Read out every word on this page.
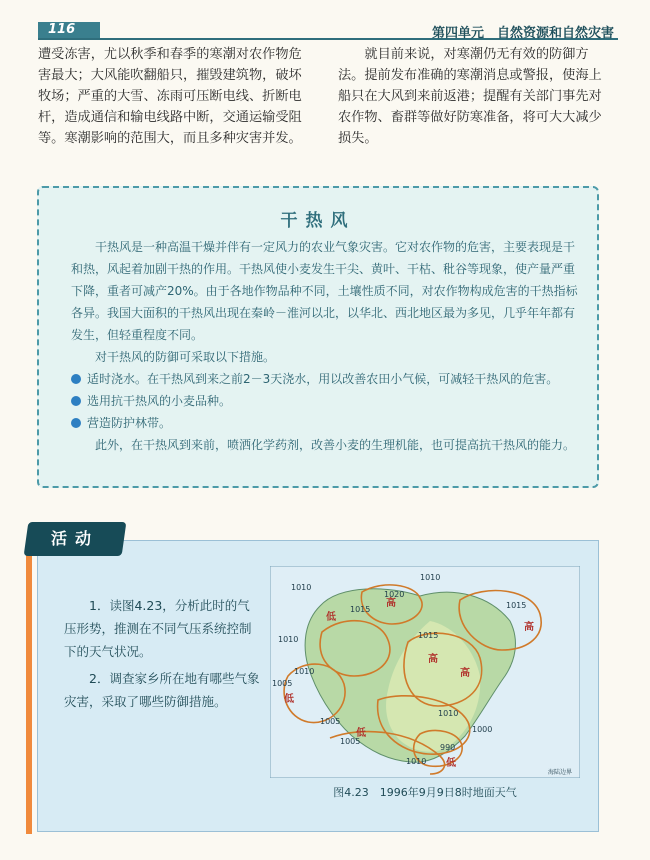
116	第四单元　自然资源和自然灾害
遭受冻害，尤以秋季和春季的寒潮对农作物危害最大；大风能吹翻船只，摧毁建筑物，破坏牧场；严重的大雪、冻雨可压断电线、折断电杆，造成通信和输电线路中断，交通运输受阻等。寒潮影响的范围大，而且多种灾害并发。
就目前来说，对寒潮仍无有效的防御方法。提前发布准确的寒潮消息或警报，使海上船只在大风到来前返港；提醒有关部门事先对农作物、畜群等做好防寒准备，将可大大减少损失。
干热风

干热风是一种高温干燥并伴有一定风力的农业气象灾害。它对农作物的危害，主要表现是干和热，风起着加剧干热的作用。干热风使小麦发生干尖、黄叶、干枯、秕谷等现象，使产量严重下降，重者可减产20%。由于各地作物品种不同，土壤性质不同，对农作物构成危害的干热指标各异。我国大面积的干热风出现在秦岭－淮河以北，以华北、西北地区最为多见，几乎年年都有发生，但轻重程度不同。

对干热风的防御可采取以下措施。

适时浇水。在干热风到来之前2－3天浇水，用以改善农田小气候，可减轻干热风的危害。

选用抗干热风的小麦品种。

营造防护林带。

此外，在干热风到来前，喷洒化学药剂，改善小麦的生理机能，也可提高抗干热风的能力。

活动

1．读图4.23，分析此时的气压形势，推测在不同气压系统控制下的天气状况。

2．调查家乡所在地有哪些气象灾害，采取了哪些防御措施。

1010
1010
1020
1015
1010
1015
1005
1010
1015
1005
1005
1000
1010
990
1010
高
高
高
高
低
低
低
低
海陆边界
图4.23　1996年9月9日8时地面天气
